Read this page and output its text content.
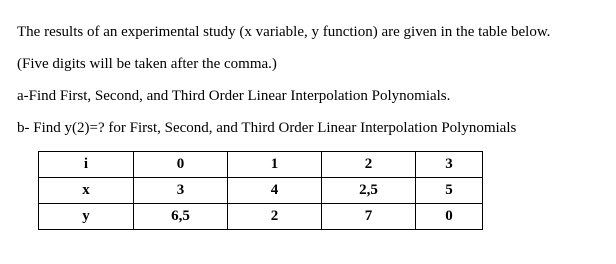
The results of an experimental study (x variable, y function) are given in the table below.
(Five digits will be taken after the comma.)
a-Find First, Second, and Third Order Linear Interpolation Polynomials.
b- Find y(2)=? for First, Second, and Third Order Linear Interpolation Polynomials
i	0	1	2	3
x	3	4	2,5	5
y	6,5	2	7	0
